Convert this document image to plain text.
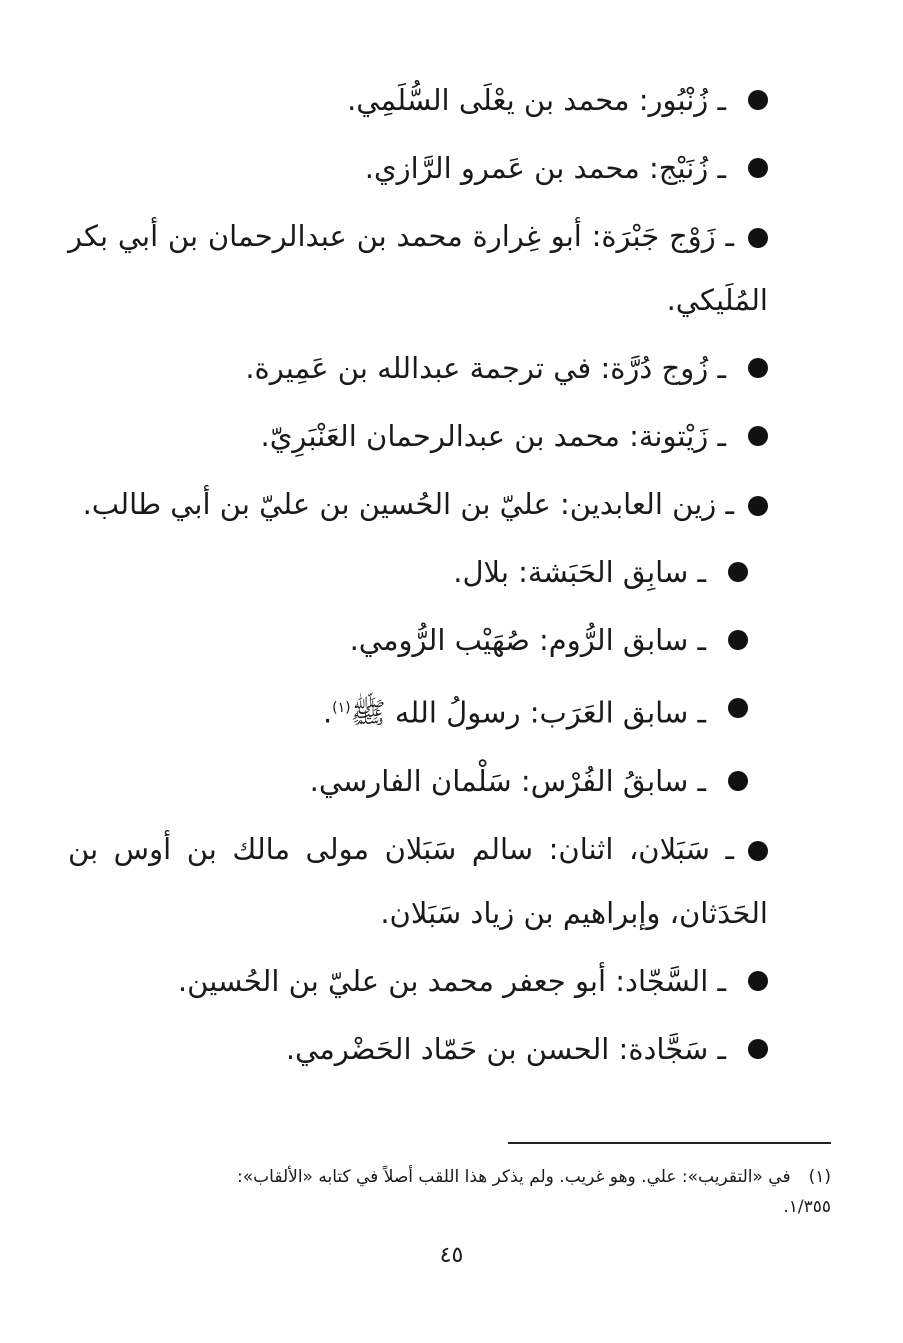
ـ زُنْبُور: محمد بن يعْلَى السُّلَمِي.

ـ زُنَيْج: محمد بن عَمرو الرَّازي.

ـ زَوْج جَبْرَة: أبو غِرارة محمد بن عبدالرحمان بن أبي بكر المُلَيكي.

ـ زُوج دُرَّة: في ترجمة عبدالله بن عَمِيرة.

ـ زَيْتونة: محمد بن عبدالرحمان العَنْبَرِيّ.

ـ زين العابدين: عليّ بن الحُسين بن عليّ بن أبي طالب.

ـ سابِق الحَبَشة: بلال.

ـ سابق الرُّوم: صُهَيْب الرُّومي.

ـ سابق العَرَب: رسولُ الله ﷺ$^{(١)}$.

ـ سابقُ الفُرْس: سَلْمان الفارسي.

ـ سَبَلان، اثنان: سالم سَبَلان مولى مالك بن أوس بن الحَدَثان، وإبراهيم بن زياد سَبَلان.

ـ السَّجّاد: أبو جعفر محمد بن عليّ بن الحُسين.

ـ سَجَّادة: الحسن بن حَمّاد الحَضْرمي.

(١)في «التقريب»: علي. وهو غريب. ولم يذكر هذا اللقب أصلاً في كتابه «الألقاب»:
١/٣٥٥.
٤٥
